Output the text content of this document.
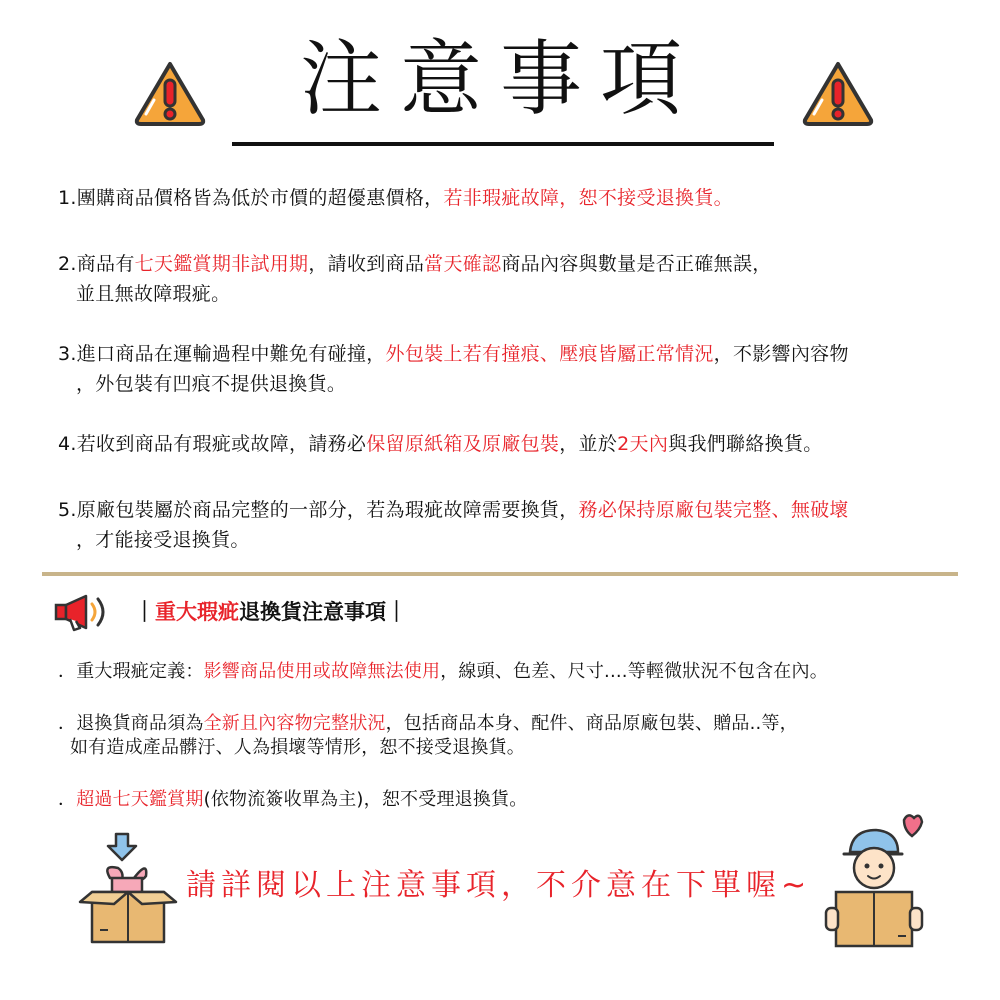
注意事項
1.團購商品價格皆為低於市價的超優惠價格，若非瑕疵故障，恕不接受退換貨。
2.商品有七天鑑賞期非試用期，請收到商品當天確認商品內容與數量是否正確無誤，
並且無故障瑕疵。
3.進口商品在運輸過程中難免有碰撞，外包裝上若有撞痕、壓痕皆屬正常情況，不影響內容物
，外包裝有凹痕不提供退換貨。
4.若收到商品有瑕疵或故障，請務必保留原紙箱及原廠包裝，並於2天內與我們聯絡換貨。
5.原廠包裝屬於商品完整的一部分，若為瑕疵故障需要換貨，務必保持原廠包裝完整、無破壞
，才能接受退換貨。
｜重大瑕疵退換貨注意事項｜
．重大瑕疵定義：影響商品使用或故障無法使用，線頭、色差、尺寸....等輕微狀況不包含在內。
．退換貨商品須為全新且內容物完整狀況，包括商品本身、配件、商品原廠包裝、贈品..等，
如有造成產品髒汙、人為損壞等情形，恕不接受退換貨。
．超過七天鑑賞期(依物流簽收單為主)，恕不受理退換貨。
請詳閱以上注意事項，不介意在下單喔~
